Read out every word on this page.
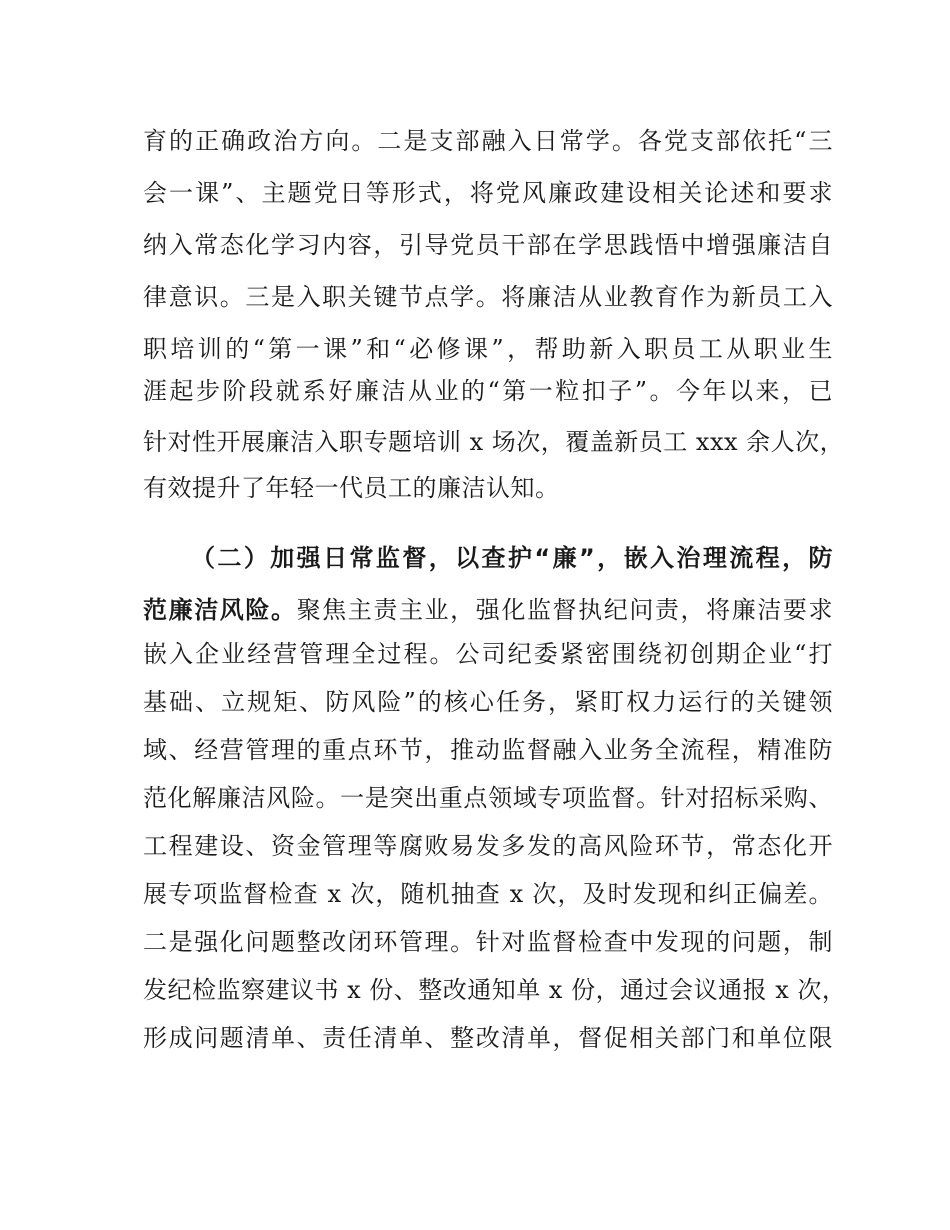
育的正确政治方向。二是支部融入日常学。各党支部依托“三
会一课”、主题党日等形式，将党风廉政建设相关论述和要求
纳入常态化学习内容，引导党员干部在学思践悟中增强廉洁自
律意识。三是入职关键节点学。将廉洁从业教育作为新员工入
职培训的“第一课”和“必修课”，帮助新入职员工从职业生
涯起步阶段就系好廉洁从业的“第一粒扣子”。今年以来，已
针对性开展廉洁入职专题培训 x 场次，覆盖新员工 xxx 余人次，
有效提升了年轻一代员工的廉洁认知。
（二）加强日常监督，以查护“廉”，嵌入治理流程，防
范廉洁风险。聚焦主责主业，强化监督执纪问责，将廉洁要求
嵌入企业经营管理全过程。公司纪委紧密围绕初创期企业“打
基础、立规矩、防风险”的核心任务，紧盯权力运行的关键领
域、经营管理的重点环节，推动监督融入业务全流程，精准防
范化解廉洁风险。一是突出重点领域专项监督。针对招标采购、
工程建设、资金管理等腐败易发多发的高风险环节，常态化开
展专项监督检查 x 次，随机抽查 x 次，及时发现和纠正偏差。
二是强化问题整改闭环管理。针对监督检查中发现的问题，制
发纪检监察建议书 x 份、整改通知单 x 份，通过会议通报 x 次，
形成问题清单、责任清单、整改清单，督促相关部门和单位限
